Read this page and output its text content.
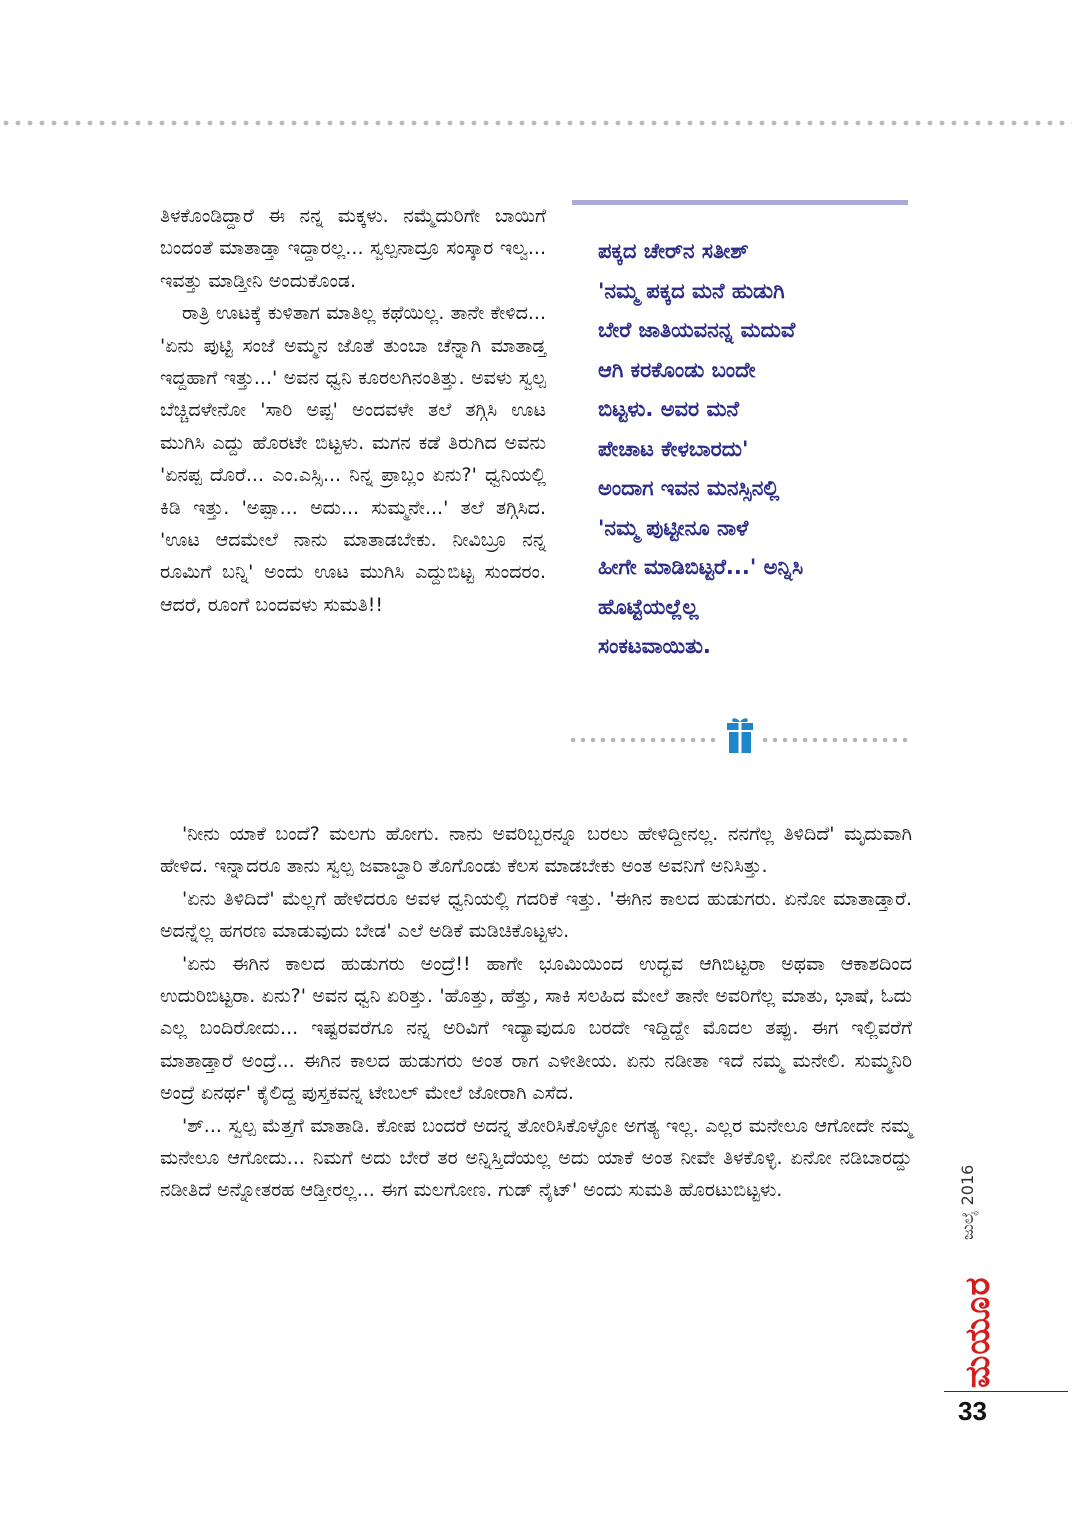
ತಿಳಕೊಂಡಿದ್ದಾರೆ ಈ ನನ್ನ ಮಕ್ಕಳು. ನಮ್ಮೆದುರಿಗೇ ಬಾಯಿಗೆ ಬಂದಂತೆ ಮಾತಾಡ್ತಾ ಇದ್ದಾರಲ್ಲ... ಸ್ವಲ್ಪನಾದ್ರೂ ಸಂಸ್ಕಾರ ಇಲ್ವ... ಇವತ್ತು ಮಾಡ್ತೀನಿ ಅಂದುಕೊಂಡ.

ರಾತ್ರಿ ಊಟಕ್ಕೆ ಕುಳಿತಾಗ ಮಾತಿಲ್ಲ ಕಥೆಯಿಲ್ಲ. ತಾನೇ ಕೇಳಿದ... 'ಏನು ಪುಟ್ಟಿ ಸಂಜೆ ಅಮ್ಮನ ಜೊತೆ ತುಂಬಾ ಚೆನ್ನಾಗಿ ಮಾತಾಡ್ತ ಇದ್ದಹಾಗೆ ಇತ್ತು...' ಅವನ ಧ್ವನಿ ಕೂರಲಗಿನಂತಿತ್ತು. ಅವಳು ಸ್ವಲ್ಪ ಬೆಚ್ಚಿದಳೇನೋ 'ಸಾರಿ ಅಪ್ಪ' ಅಂದವಳೇ ತಲೆ ತಗ್ಗಿಸಿ ಊಟ ಮುಗಿಸಿ ಎದ್ದು ಹೊರಟೇ ಬಿಟ್ಟಳು. ಮಗನ ಕಡೆ ತಿರುಗಿದ ಅವನು 'ಏನಪ್ಪ ದೊರೆ... ಎಂ.ಎಸ್ಸಿ... ನಿನ್ನ ಪ್ರಾಬ್ಲಂ ಏನು?' ಧ್ವನಿಯಲ್ಲಿ ಕಿಡಿ ಇತ್ತು. 'ಅಪ್ಪಾ... ಅದು... ಸುಮ್ಮನೇ...' ತಲೆ ತಗ್ಗಿಸಿದ. 'ಊಟ ಆದಮೇಲೆ ನಾನು ಮಾತಾಡಬೇಕು. ನೀವಿಬ್ರೂ ನನ್ನ ರೂಮಿಗೆ ಬನ್ನಿ' ಅಂದು ಊಟ ಮುಗಿಸಿ ಎದ್ದುಬಿಟ್ಟ ಸುಂದರಂ. ಆದರೆ, ರೂಂಗೆ ಬಂದವಳು ಸುಮತಿ!!

ಪಕ್ಕದ ಚೇರ್‌ನ ಸತೀಶ್
'ನಮ್ಮ ಪಕ್ಕದ ಮನೆ ಹುಡುಗಿ
ಬೇರೆ ಜಾತಿಯವನನ್ನ ಮದುವೆ
ಆಗಿ ಕರಕೊಂಡು ಬಂದೇ
ಬಿಟ್ಟಳು. ಅವರ ಮನೆ
ಪೇಚಾಟ ಕೇಳಬಾರದು'
ಅಂದಾಗ ಇವನ ಮನಸ್ಸಿನಲ್ಲಿ
'ನಮ್ಮ ಪುಟ್ಟೀನೂ ನಾಳೆ
ಹೀಗೇ ಮಾಡಿಬಿಟ್ಟರೆ...' ಅನ್ನಿಸಿ
ಹೊಟ್ಟೆಯಲ್ಲೆಲ್ಲ
ಸಂಕಟವಾಯಿತು.

'ನೀನು ಯಾಕೆ ಬಂದೆ? ಮಲಗು ಹೋಗು. ನಾನು ಅವರಿಬ್ಬರನ್ನೂ ಬರಲು ಹೇಳಿದ್ದೀನಲ್ಲ. ನನಗೆಲ್ಲ ತಿಳಿದಿದೆ' ಮೃದುವಾಗಿ ಹೇಳಿದ. ಇನ್ನಾದರೂ ತಾನು ಸ್ವಲ್ಪ ಜವಾಬ್ದಾರಿ ತೊಗೊಂಡು ಕೆಲಸ ಮಾಡಬೇಕು ಅಂತ ಅವನಿಗೆ ಅನಿಸಿತ್ತು.

'ಏನು ತಿಳಿದಿದೆ' ಮೆಲ್ಲಗೆ ಹೇಳಿದರೂ ಅವಳ ಧ್ವನಿಯಲ್ಲಿ ಗದರಿಕೆ ಇತ್ತು. 'ಈಗಿನ ಕಾಲದ ಹುಡುಗರು. ಏನೋ ಮಾತಾಡ್ತಾರೆ. ಅದನ್ನೆಲ್ಲ ಹಗರಣ ಮಾಡುವುದು ಬೇಡ' ಎಲೆ ಅಡಿಕೆ ಮಡಿಚಿಕೊಟ್ಟಳು.

'ಏನು ಈಗಿನ ಕಾಲದ ಹುಡುಗರು ಅಂದ್ರೆ!! ಹಾಗೇ ಭೂಮಿಯಿಂದ ಉದ್ಭವ ಆಗಿಬಿಟ್ಟರಾ ಅಥವಾ ಆಕಾಶದಿಂದ ಉದುರಿಬಿಟ್ಟರಾ. ಏನು?' ಅವನ ಧ್ವನಿ ಏರಿತ್ತು. 'ಹೊತ್ತು, ಹೆತ್ತು, ಸಾಕಿ ಸಲಹಿದ ಮೇಲೆ ತಾನೇ ಅವರಿಗೆಲ್ಲ ಮಾತು, ಭಾಷೆ, ಓದು ಎಲ್ಲ ಬಂದಿರೋದು... ಇಷ್ಟರವರೆಗೂ ನನ್ನ ಅರಿವಿಗೆ ಇದ್ಯಾವುದೂ ಬರದೇ ಇದ್ದಿದ್ದೇ ಮೊದಲ ತಪ್ಪು. ಈಗ ಇಲ್ಲಿವರೆಗೆ ಮಾತಾಡ್ತಾರೆ ಅಂದ್ರೆ... ಈಗಿನ ಕಾಲದ ಹುಡುಗರು ಅಂತ ರಾಗ ಎಳೀತೀಯ. ಏನು ನಡೀತಾ ಇದೆ ನಮ್ಮ ಮನೇಲಿ. ಸುಮ್ಮನಿರಿ ಅಂದ್ರೆ ಏನರ್ಥ' ಕೈಲಿದ್ದ ಪುಸ್ತಕವನ್ನ ಟೇಬಲ್ ಮೇಲೆ ಜೋರಾಗಿ ಎಸೆದ.

'ಶ್... ಸ್ವಲ್ಪ ಮೆತ್ತಗೆ ಮಾತಾಡಿ. ಕೋಪ ಬಂದರೆ ಅದನ್ನ ತೋರಿಸಿಕೊಳ್ಳೋ ಅಗತ್ಯ ಇಲ್ಲ. ಎಲ್ಲರ ಮನೇಲೂ ಆಗೋದೇ ನಮ್ಮ ಮನೇಲೂ ಆಗೋದು... ನಿಮಗೆ ಅದು ಬೇರೆ ತರ ಅನ್ನಿಸ್ತಿದೆಯಲ್ಲ ಅದು ಯಾಕೆ ಅಂತ ನೀವೇ ತಿಳಕೊಳ್ಳಿ. ಏನೋ ನಡಿಬಾರದ್ದು ನಡೀತಿದೆ ಅನ್ನೋತರಹ ಆಡ್ತೀರಲ್ಲ... ಈಗ ಮಲಗೋಣ. ಗುಡ್ ನೈಟ್' ಅಂದು ಸುಮತಿ ಹೊರಟುಬಿಟ್ಟಳು.	ಜುಲೈ 2016
ಮಯೂರ
33
